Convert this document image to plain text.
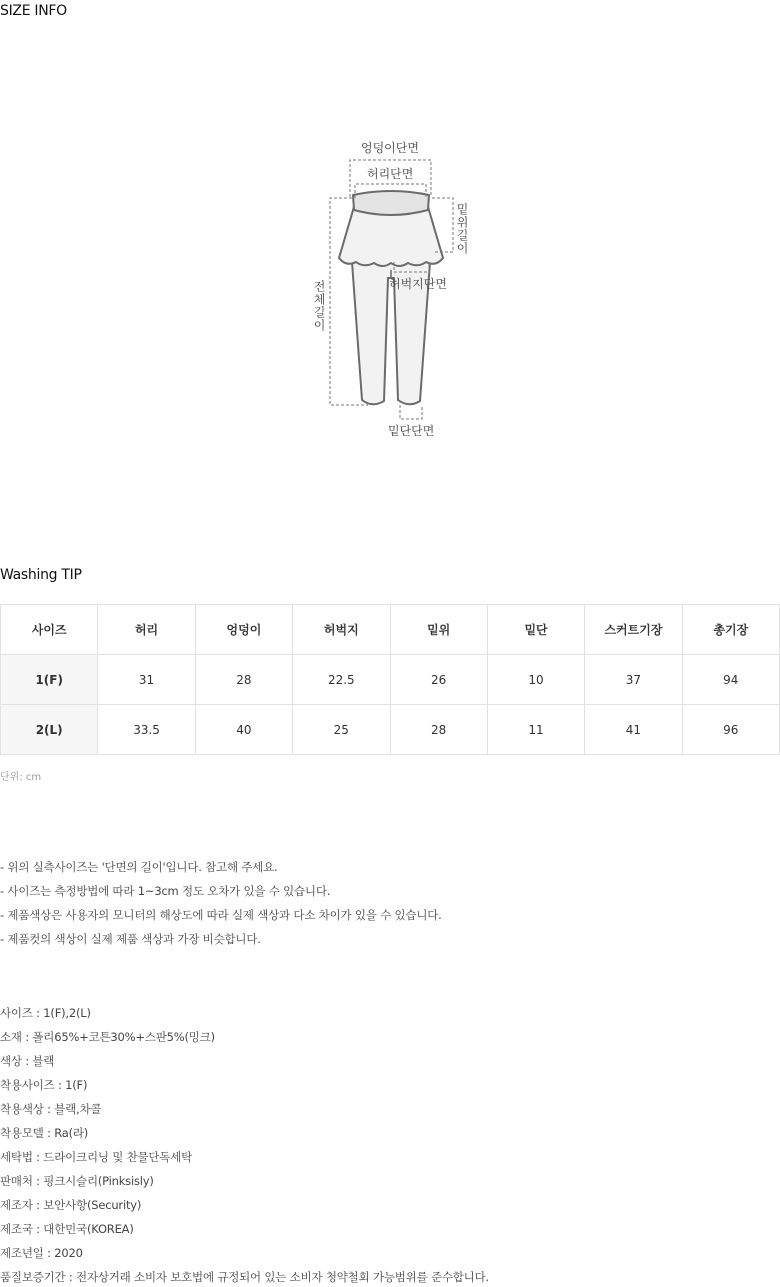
SIZE INFO
엉덩이단면
허리단면
밑위길이
전체길이	허벅지단면
밑단단면
Washing TIP
사이즈	허리	엉덩이	허벅지	밑위	밑단	스커트기장	총기장
1(F)	31	28	22.5	26	10	37	94
2(L)	33.5	40	25	28	11	41	96
단위: cm
- 위의 실측사이즈는 '단면의 길이'입니다. 참고해 주세요.
- 사이즈는 측정방법에 따라 1~3cm 정도 오차가 있을 수 있습니다.
- 제품색상은 사용자의 모니터의 해상도에 따라 실제 색상과 다소 차이가 있을 수 있습니다.
- 제품컷의 색상이 실제 제품 색상과 가장 비슷합니다.
사이즈 : 1(F),2(L)
소재 : 폴리65%+코튼30%+스판5%(밍크)
색상 : 블랙
착용사이즈 : 1(F)
착용색상 : 블랙,차콜
착용모델 : Ra(라)
세탁법 : 드라이크리닝 및 찬물단독세탁
판매처 : 핑크시슬리(Pinksisly)
제조자 : 보안사항(Security)
제조국 : 대한민국(KOREA)
제조년일 : 2020
품질보증기간 : 전자상거래 소비자 보호법에 규정되어 있는 소비자 청약철회 가능범위를 준수합니다.
